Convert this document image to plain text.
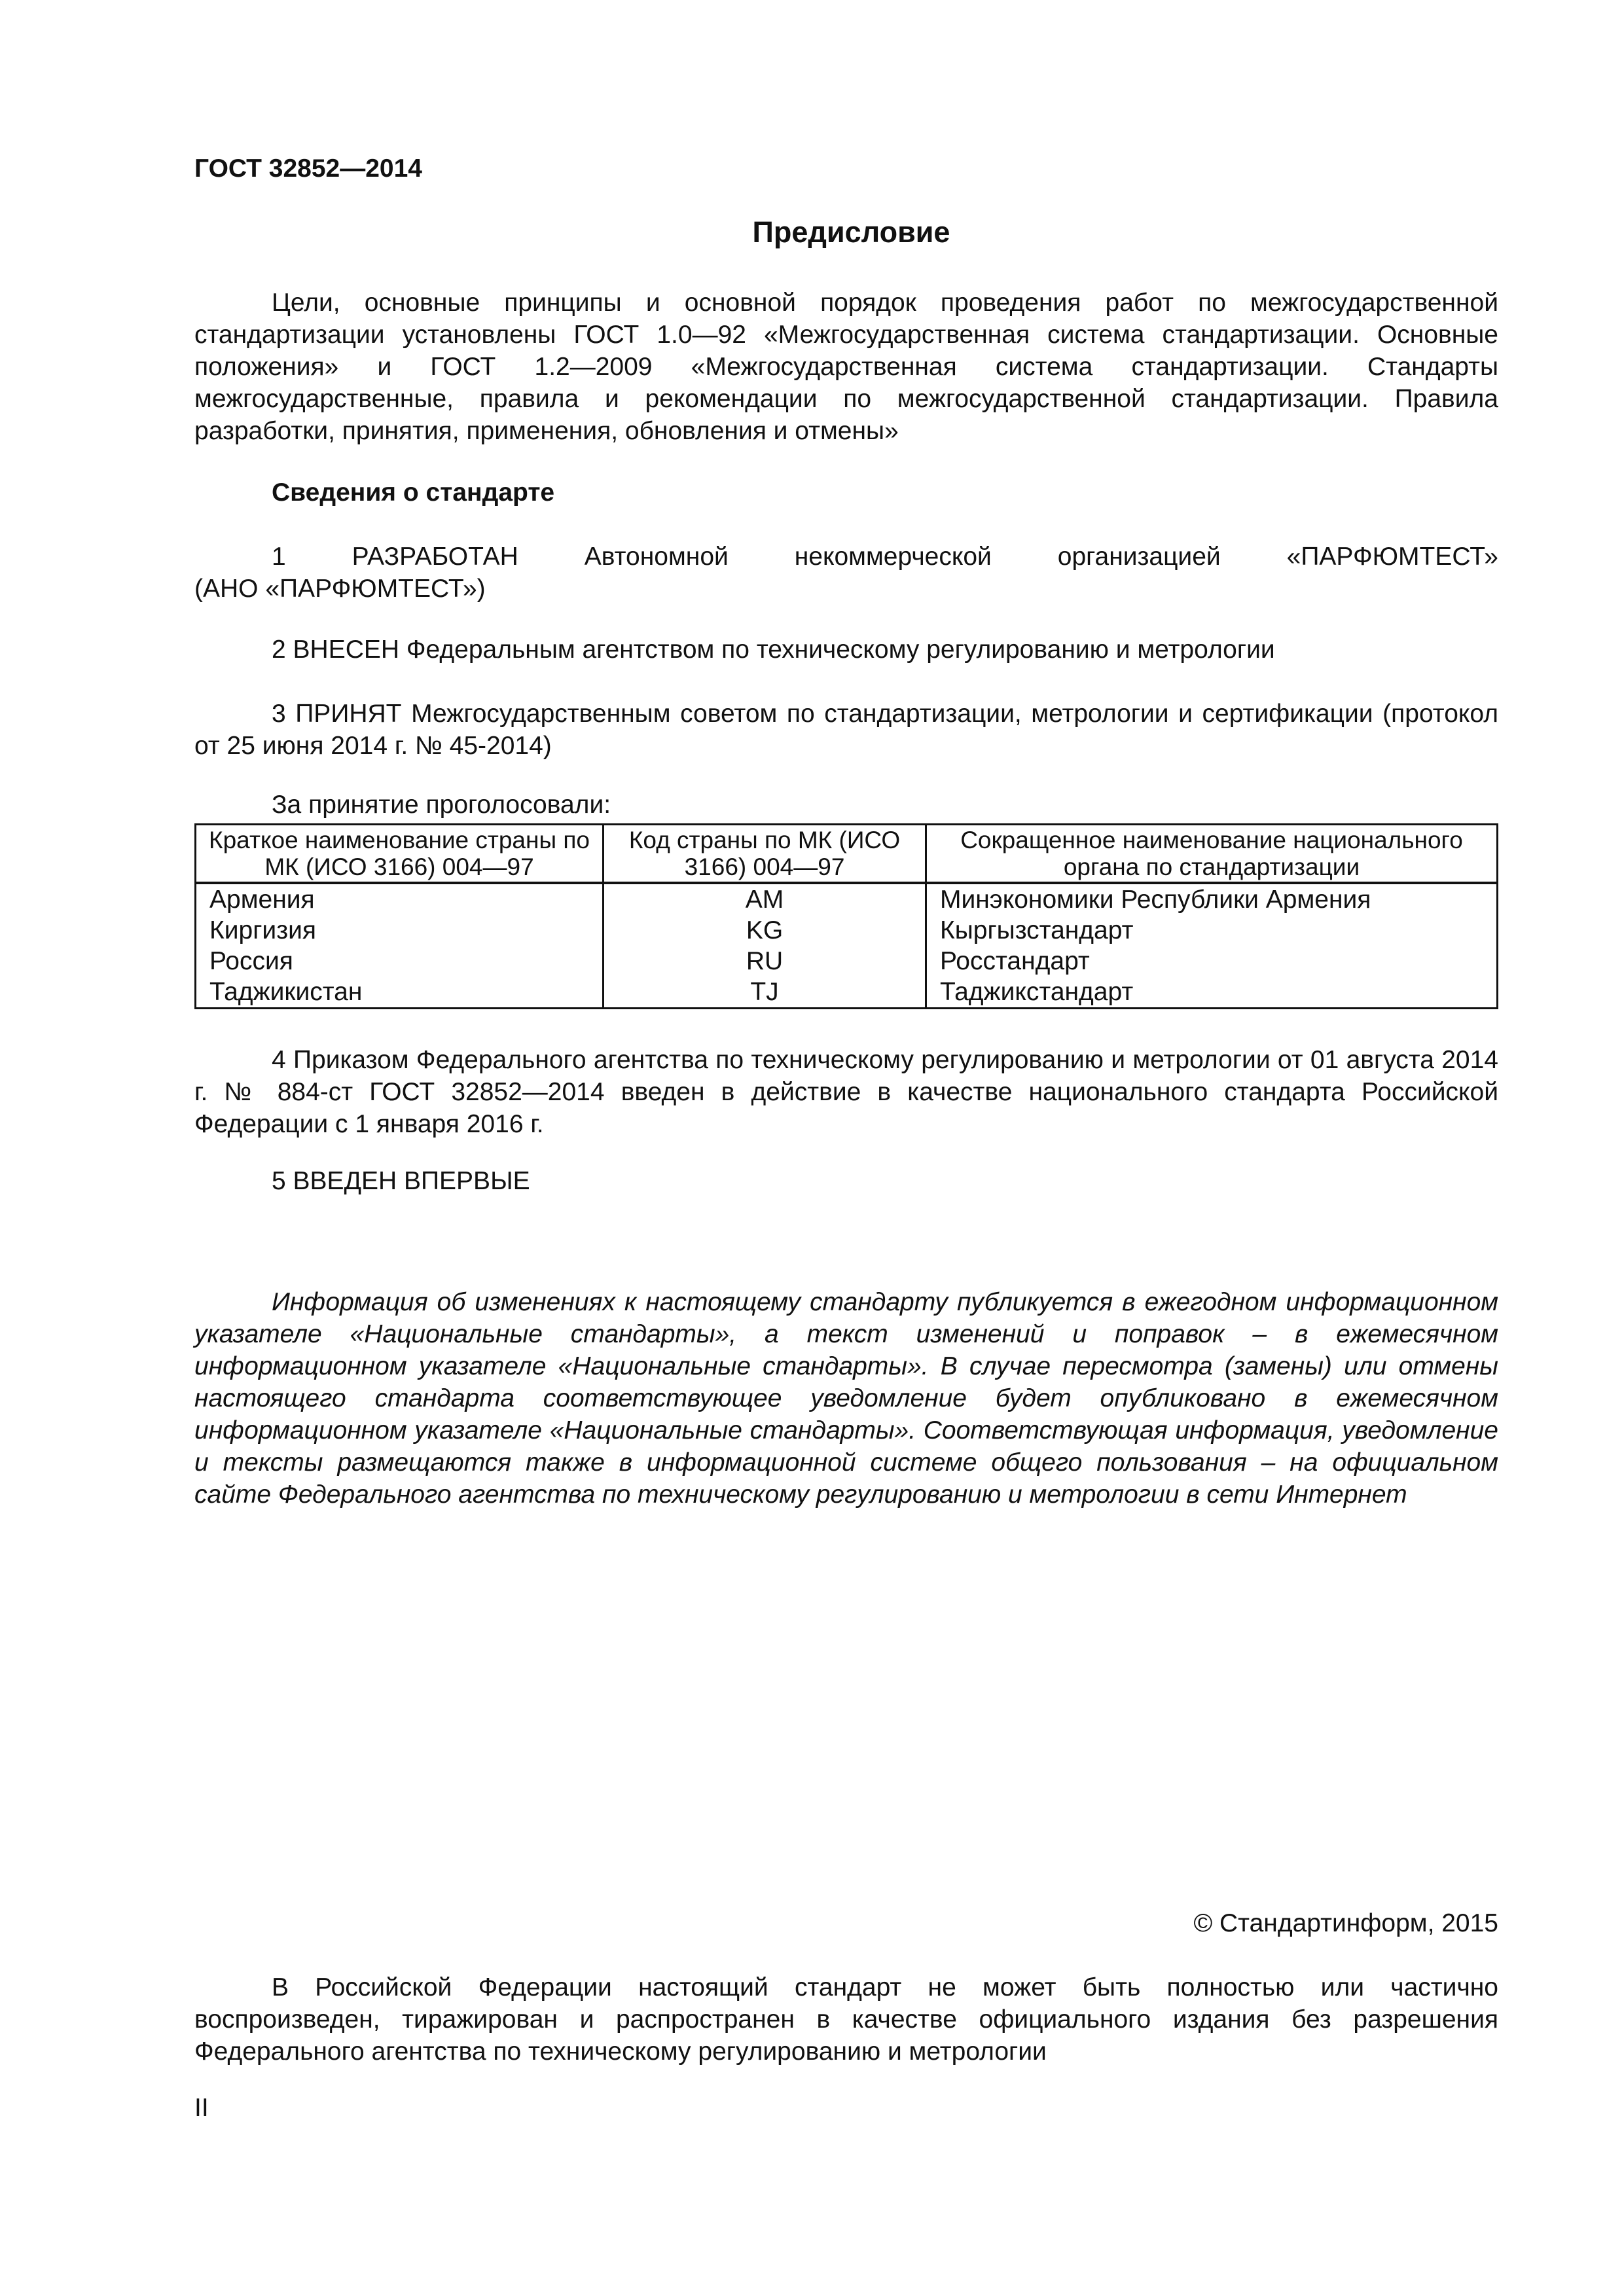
ГОСТ 32852—2014
Предисловие
Цели, основные принципы и основной порядок проведения работ по межгосударственной стандартизации установлены ГОСТ 1.0—92 «Межгосударственная система стандартизации. Основные положения» и ГОСТ 1.2—2009 «Межгосударственная система стандартизации. Стандарты межгосударственные, правила и рекомендации по межгосударственной стандартизации. Правила разработки, принятия, применения, обновления и отмены»
Сведения о стандарте
1 РАЗРАБОТАН Автономной некоммерческой организацией «ПАРФЮМТЕСТ»
(АНО «ПАРФЮМТЕСТ»)
2 ВНЕСЕН Федеральным агентством по техническому регулированию и метрологии
3 ПРИНЯТ Межгосударственным советом по стандартизации, метрологии и сертификации (протокол от 25 июня 2014 г. № 45-2014)
За принятие проголосовали:
Краткое наименование страны по МК (ИСО 3166) 004—97	Код страны по МК (ИСО 3166) 004—97	Сокращенное наименование национального органа по стандартизации
Армения	AM	Минэкономики Республики Армения
Киргизия	KG	Кыргызстандарт
Россия	RU	Росстандарт
Таджикистан	TJ	Таджикстандарт
4 Приказом Федерального агентства по техническому регулированию и метрологии от 01 августа 2014 г. № 884-ст ГОСТ 32852—2014 введен в действие в качестве национального стандарта Российской Федерации с 1 января 2016 г.
5 ВВЕДЕН ВПЕРВЫЕ
Информация об изменениях к настоящему стандарту публикуется в ежегодном информационном указателе «Национальные стандарты», а текст изменений и поправок – в ежемесячном информационном указателе «Национальные стандарты». В случае пересмотра (замены) или отмены настоящего стандарта соответствующее уведомление будет опубликовано в ежемесячном информационном указателе «Национальные стандарты». Соответствующая информация, уведомление и тексты размещаются также в информационной системе общего пользования – на официальном сайте Федерального агентства по техническому регулированию и метрологии в сети Интернет
© Стандартинформ, 2015
В Российской Федерации настоящий стандарт не может быть полностью или частично воспроизведен, тиражирован и распространен в качестве официального издания без разрешения Федерального агентства по техническому регулированию и метрологии
II
